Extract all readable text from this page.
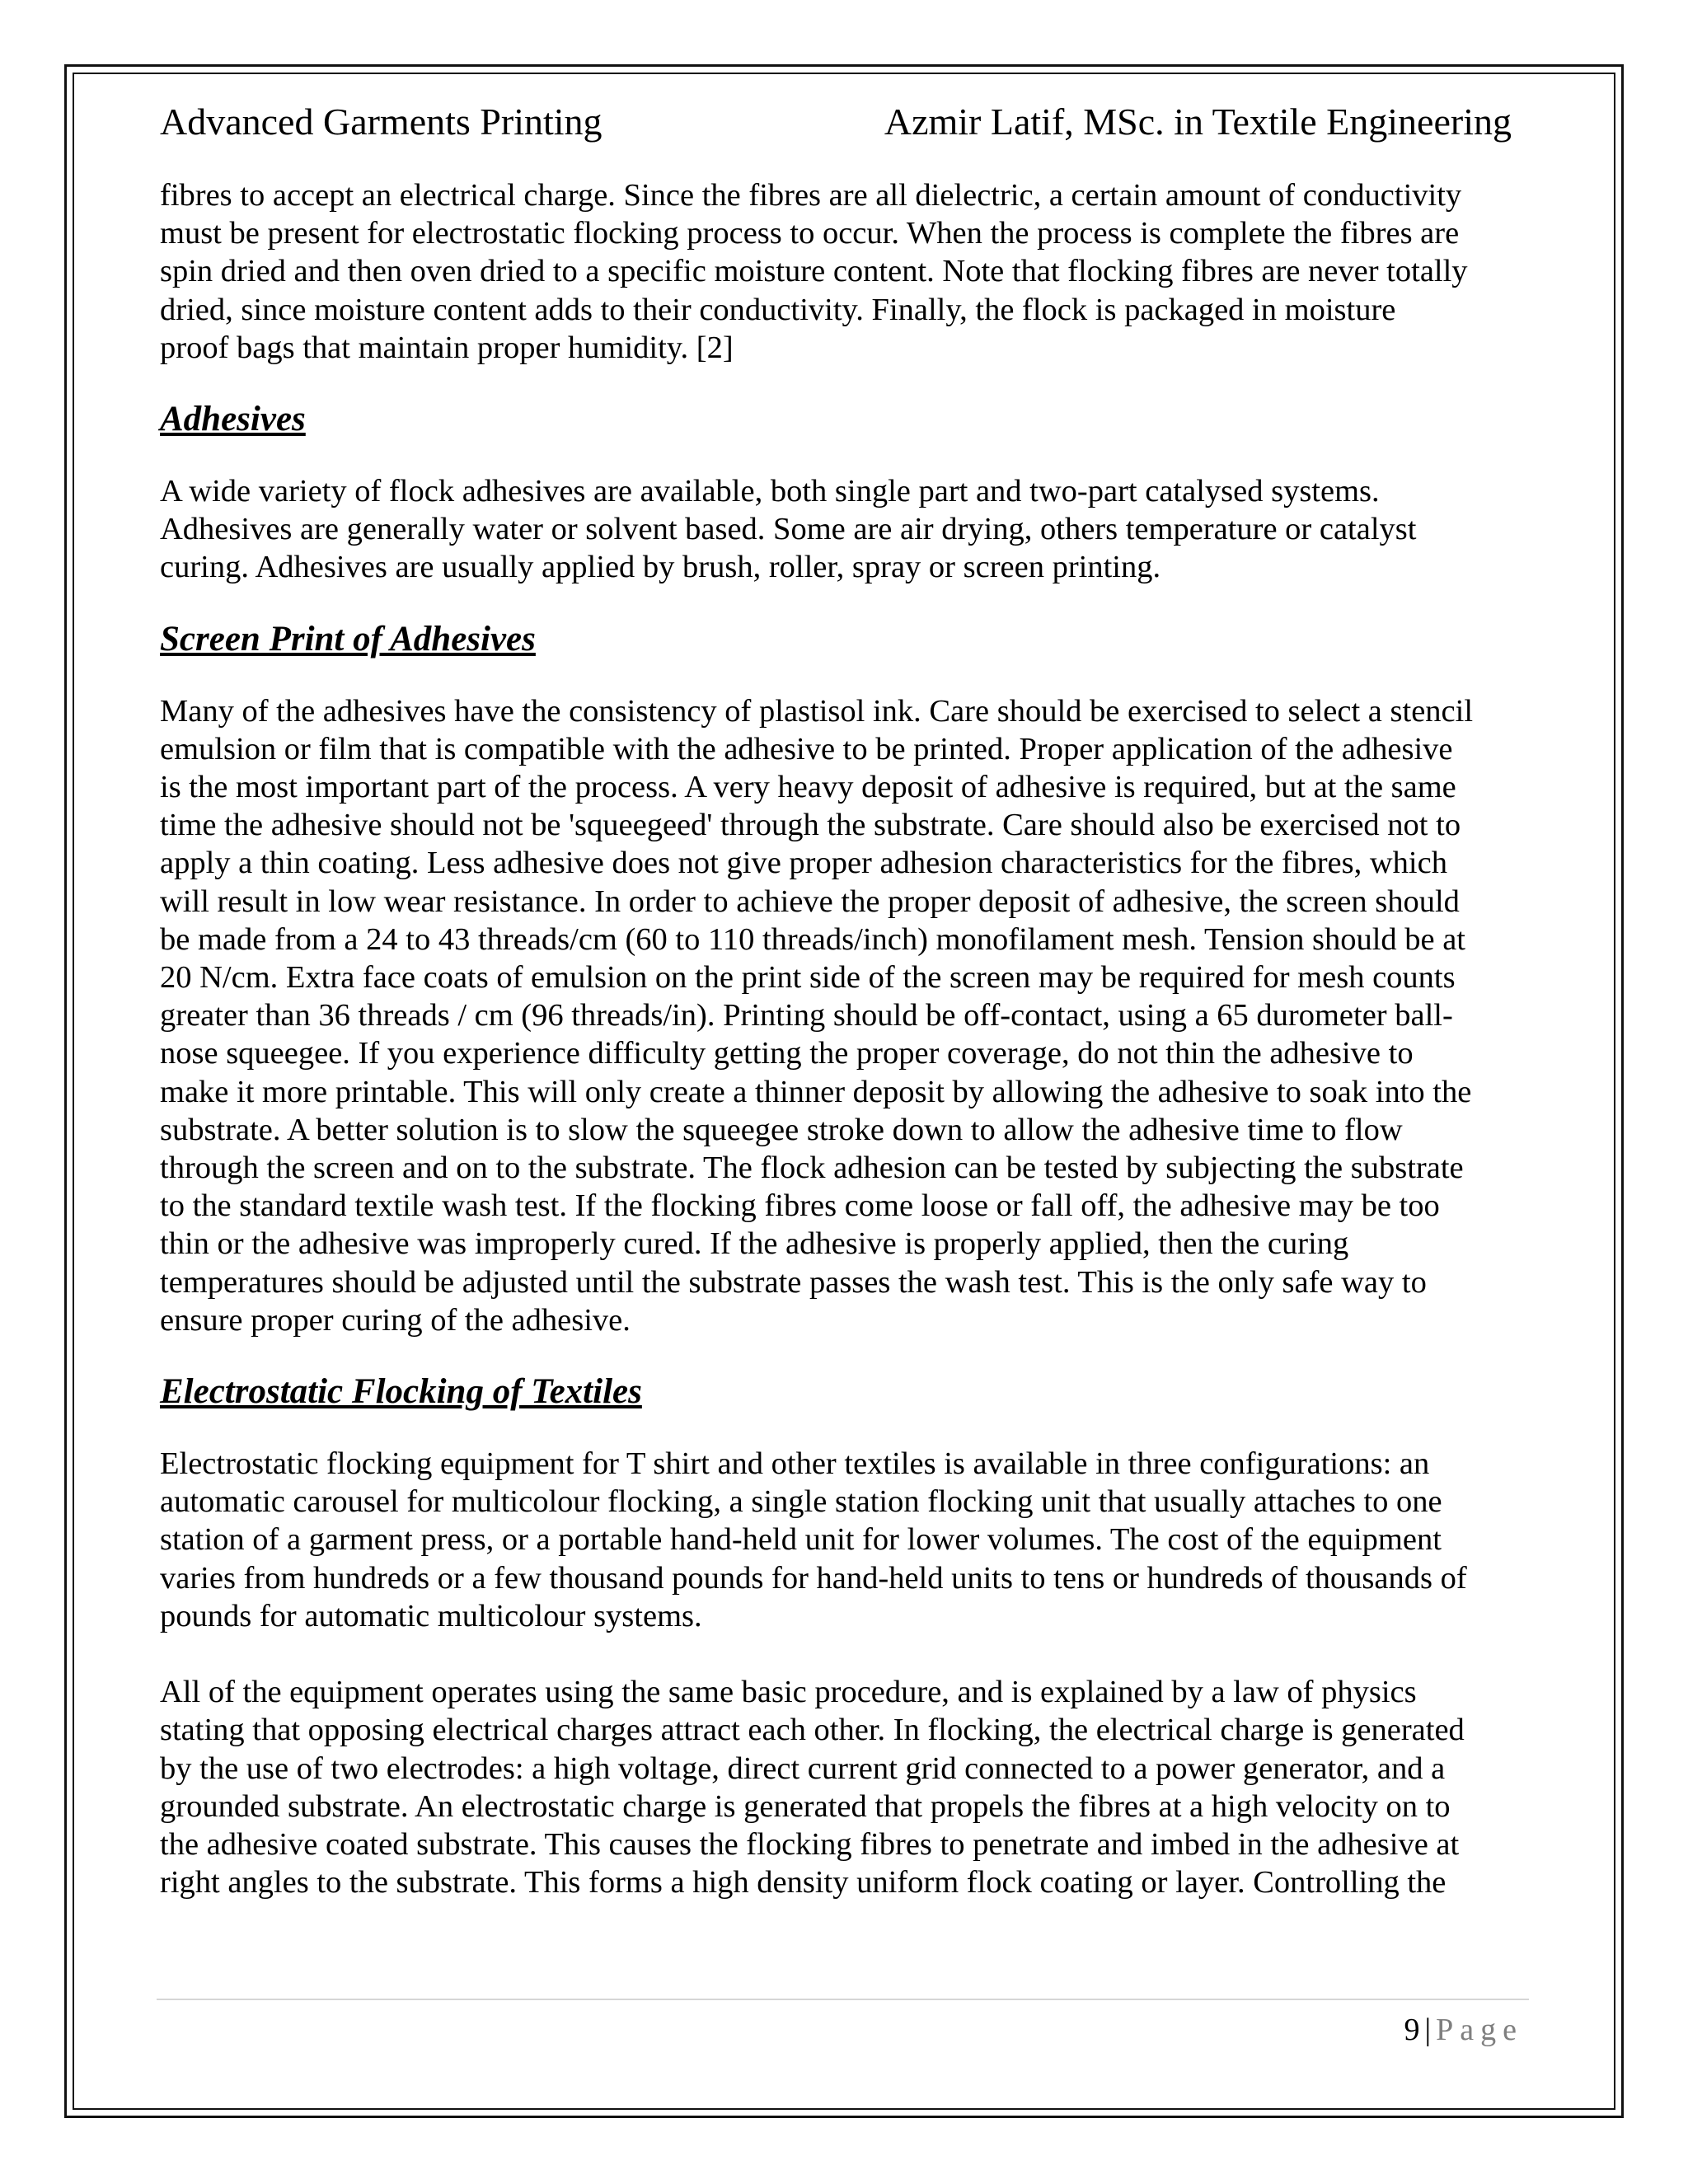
Advanced Garments Printing	Azmir Latif, MSc. in Textile Engineering

fibres to accept an electrical charge. Since the fibres are all dielectric, a certain amount of conductivity
must be present for electrostatic flocking process to occur. When the process is complete the fibres are
spin dried and then oven dried to a specific moisture content. Note that flocking fibres are never totally
dried, since moisture content adds to their conductivity. Finally, the flock is packaged in moisture
proof bags that maintain proper humidity. [2]

Adhesives

A wide variety of flock adhesives are available, both single part and two-part catalysed systems.
Adhesives are generally water or solvent based. Some are air drying, others temperature or catalyst
curing. Adhesives are usually applied by brush, roller, spray or screen printing.

Screen Print of Adhesives

Many of the adhesives have the consistency of plastisol ink. Care should be exercised to select a stencil
emulsion or film that is compatible with the adhesive to be printed. Proper application of the adhesive
is the most important part of the process. A very heavy deposit of adhesive is required, but at the same
time the adhesive should not be 'squeegeed' through the substrate. Care should also be exercised not to
apply a thin coating. Less adhesive does not give proper adhesion characteristics for the fibres, which
will result in low wear resistance. In order to achieve the proper deposit of adhesive, the screen should
be made from a 24 to 43 threads/cm (60 to 110 threads/inch) monofilament mesh. Tension should be at
20 N/cm. Extra face coats of emulsion on the print side of the screen may be required for mesh counts
greater than 36 threads / cm (96 threads/in). Printing should be off-contact, using a 65 durometer ball-
nose squeegee. If you experience difficulty getting the proper coverage, do not thin the adhesive to
make it more printable. This will only create a thinner deposit by allowing the adhesive to soak into the
substrate. A better solution is to slow the squeegee stroke down to allow the adhesive time to flow
through the screen and on to the substrate. The flock adhesion can be tested by subjecting the substrate
to the standard textile wash test. If the flocking fibres come loose or fall off, the adhesive may be too
thin or the adhesive was improperly cured. If the adhesive is properly applied, then the curing
temperatures should be adjusted until the substrate passes the wash test. This is the only safe way to
ensure proper curing of the adhesive.

Electrostatic Flocking of Textiles

Electrostatic flocking equipment for T shirt and other textiles is available in three configurations: an
automatic carousel for multicolour flocking, a single station flocking unit that usually attaches to one
station of a garment press, or a portable hand-held unit for lower volumes. The cost of the equipment
varies from hundreds or a few thousand pounds for hand-held units to tens or hundreds of thousands of
pounds for automatic multicolour systems.

All of the equipment operates using the same basic procedure, and is explained by a law of physics
stating that opposing electrical charges attract each other. In flocking, the electrical charge is generated
by the use of two electrodes: a high voltage, direct current grid connected to a power generator, and a
grounded substrate. An electrostatic charge is generated that propels the fibres at a high velocity on to
the adhesive coated substrate. This causes the flocking fibres to penetrate and imbed in the adhesive at
right angles to the substrate. This forms a high density uniform flock coating or layer. Controlling the

9 | Page
